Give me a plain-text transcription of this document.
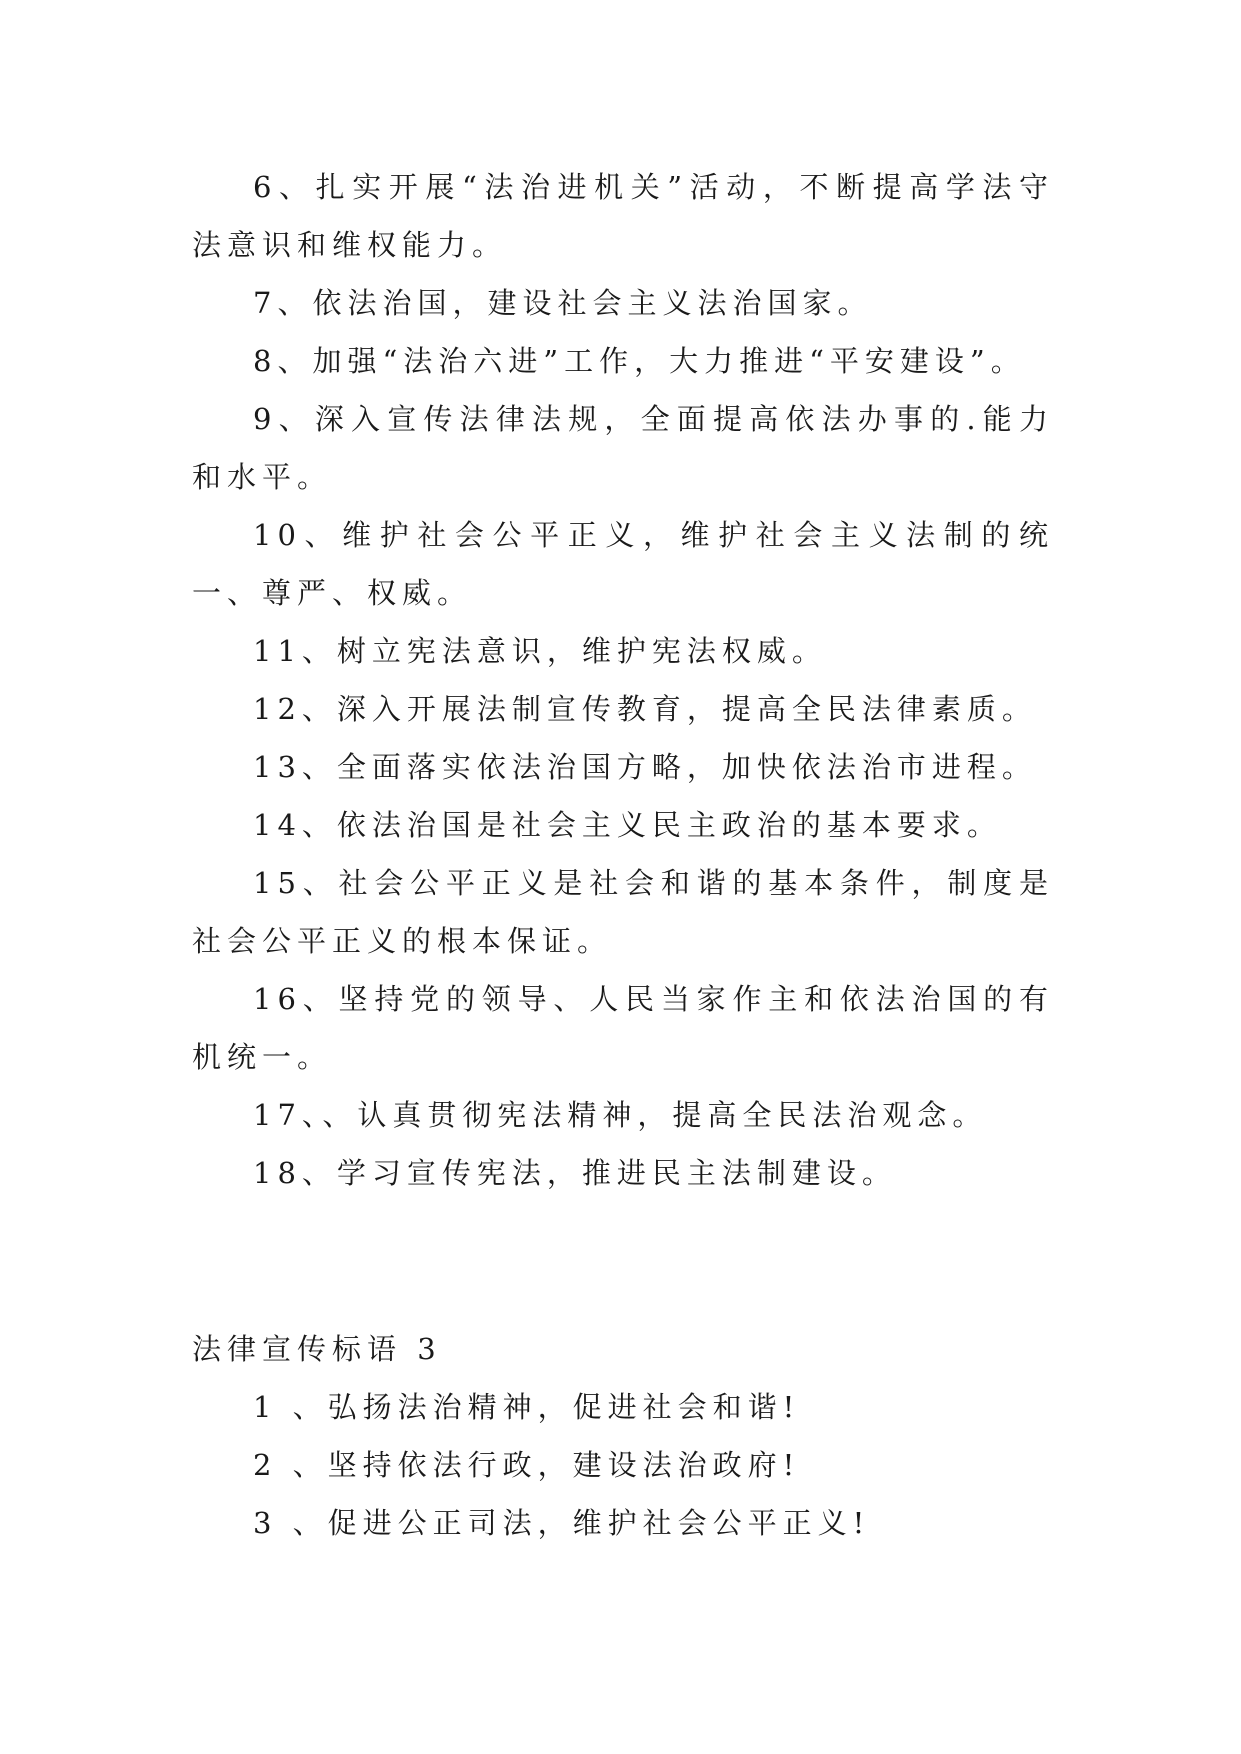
6、扎实开展“法治进机关”活动，不断提高学法守法意识和维权能力。

7、依法治国，建设社会主义法治国家。

8、加强“法治六进”工作，大力推进“平安建设”。

9、深入宣传法律法规，全面提高依法办事的.能力和水平。

10、维护社会公平正义，维护社会主义法制的统一、尊严、权威。

11、树立宪法意识，维护宪法权威。

12、深入开展法制宣传教育，提高全民法律素质。

13、全面落实依法治国方略，加快依法治市进程。

14、依法治国是社会主义民主政治的基本要求。

15、社会公平正义是社会和谐的基本条件，制度是社会公平正义的根本保证。

16、坚持党的领导、人民当家作主和依法治国的有机统一。

17、、认真贯彻宪法精神，提高全民法治观念。

18、学习宣传宪法，推进民主法制建设。

法律宣传标语 3

1 、弘扬法治精神，促进社会和谐!

2 、坚持依法行政，建设法治政府!

3 、促进公正司法，维护社会公平正义!
